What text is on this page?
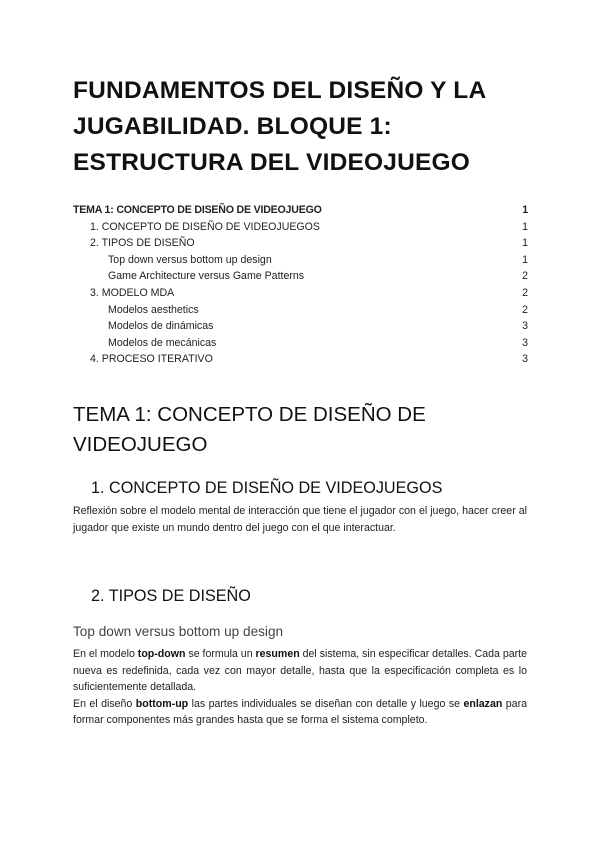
FUNDAMENTOS DEL DISEÑO Y LA JUGABILIDAD. BLOQUE 1: ESTRUCTURA DEL VIDEOJUEGO
TEMA 1: CONCEPTO DE DISEÑO DE VIDEOJUEGO	1
1. CONCEPTO DE DISEÑO DE VIDEOJUEGOS	1
2. TIPOS DE DISEÑO	1
Top down versus bottom up design	1
Game Architecture versus Game Patterns	2
3. MODELO MDA	2
Modelos aesthetics	2
Modelos de dinámicas	3
Modelos de mecánicas	3
4. PROCESO ITERATIVO	3
TEMA 1: CONCEPTO DE DISEÑO DE VIDEOJUEGO
1. CONCEPTO DE DISEÑO DE VIDEOJUEGOS

Reflexión sobre el modelo mental de interacción que tiene el jugador con el juego, hacer creer al jugador que existe un mundo dentro del juego con el que interactuar.

2. TIPOS DE DISEÑO
Top down versus bottom up design

En el modelo top-down se formula un resumen del sistema, sin especificar detalles. Cada parte nueva es redefinida, cada vez con mayor detalle, hasta que la especificación completa es lo suficientemente detallada.

En el diseño bottom-up las partes individuales se diseñan con detalle y luego se enlazan para formar componentes más grandes hasta que se forma el sistema completo.
